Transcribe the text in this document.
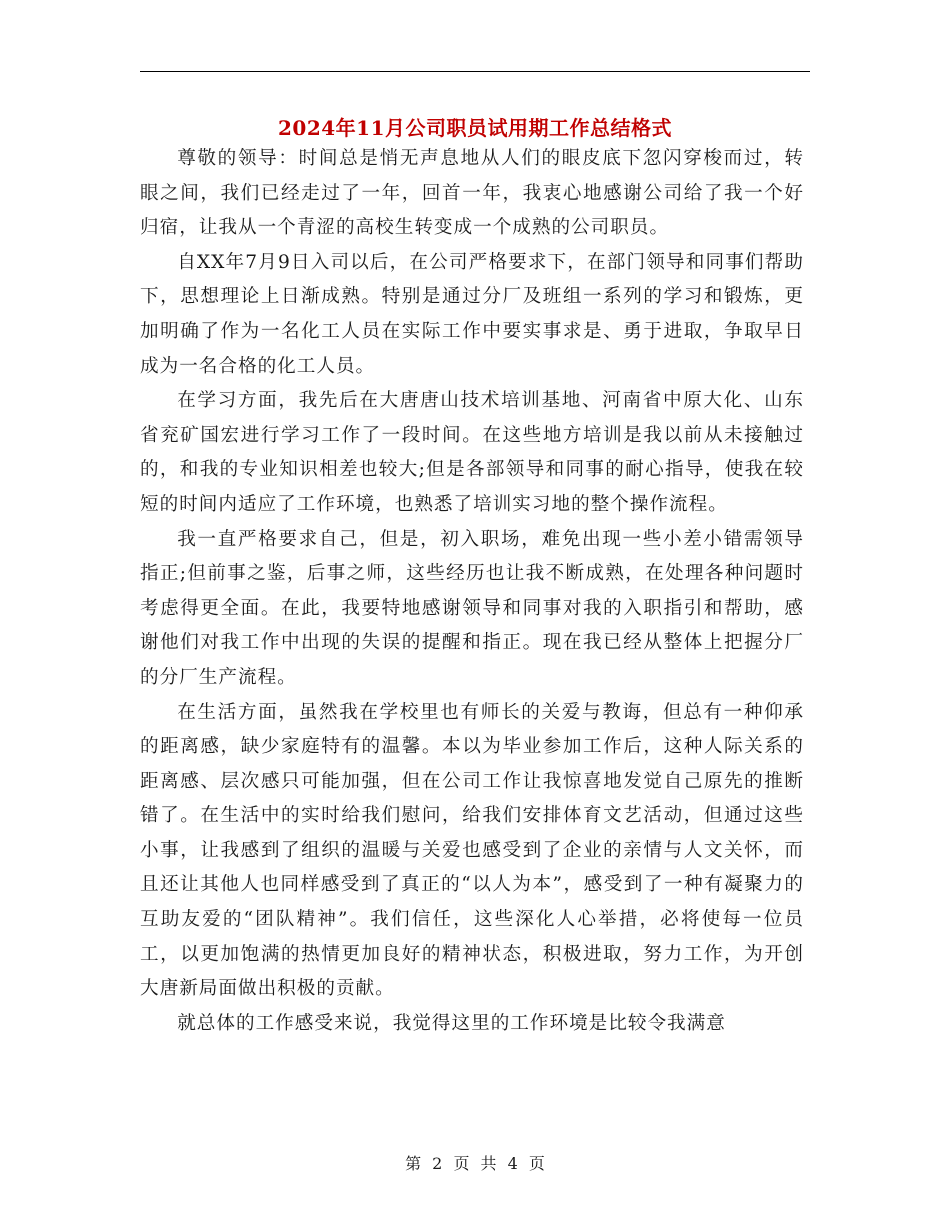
2024年11月公司职员试用期工作总结格式

尊敬的领导：时间总是悄无声息地从人们的眼皮底下忽闪穿梭而过，转眼之间，我们已经走过了一年，回首一年，我衷心地感谢公司给了我一个好归宿，让我从一个青涩的高校生转变成一个成熟的公司职员。

自XX年7月9日入司以后，在公司严格要求下，在部门领导和同事们帮助下，思想理论上日渐成熟。特别是通过分厂及班组一系列的学习和锻炼，更加明确了作为一名化工人员在实际工作中要实事求是、勇于进取，争取早日成为一名合格的化工人员。

在学习方面，我先后在大唐唐山技术培训基地、河南省中原大化、山东省兖矿国宏进行学习工作了一段时间。在这些地方培训是我以前从未接触过的，和我的专业知识相差也较大;但是各部领导和同事的耐心指导，使我在较短的时间内适应了工作环境，也熟悉了培训实习地的整个操作流程。

我一直严格要求自己，但是，初入职场，难免出现一些小差小错需领导指正;但前事之鉴，后事之师，这些经历也让我不断成熟，在处理各种问题时考虑得更全面。在此，我要特地感谢领导和同事对我的入职指引和帮助，感谢他们对我工作中出现的失误的提醒和指正。现在我已经从整体上把握分厂的分厂生产流程。

在生活方面，虽然我在学校里也有师长的关爱与教诲，但总有一种仰承的距离感，缺少家庭特有的温馨。本以为毕业参加工作后，这种人际关系的距离感、层次感只可能加强，但在公司工作让我惊喜地发觉自己原先的推断错了。在生活中的实时给我们慰问，给我们安排体育文艺活动，但通过这些小事，让我感到了组织的温暖与关爱也感受到了企业的亲情与人文关怀，而且还让其他人也同样感受到了真正的“以人为本”，感受到了一种有凝聚力的互助友爱的“团队精神”。我们信任，这些深化人心举措，必将使每一位员工，以更加饱满的热情更加良好的精神状态，积极进取，努力工作，为开创大唐新局面做出积极的贡献。

就总体的工作感受来说，我觉得这里的工作环境是比较令我满意

第 2 页 共 4 页
